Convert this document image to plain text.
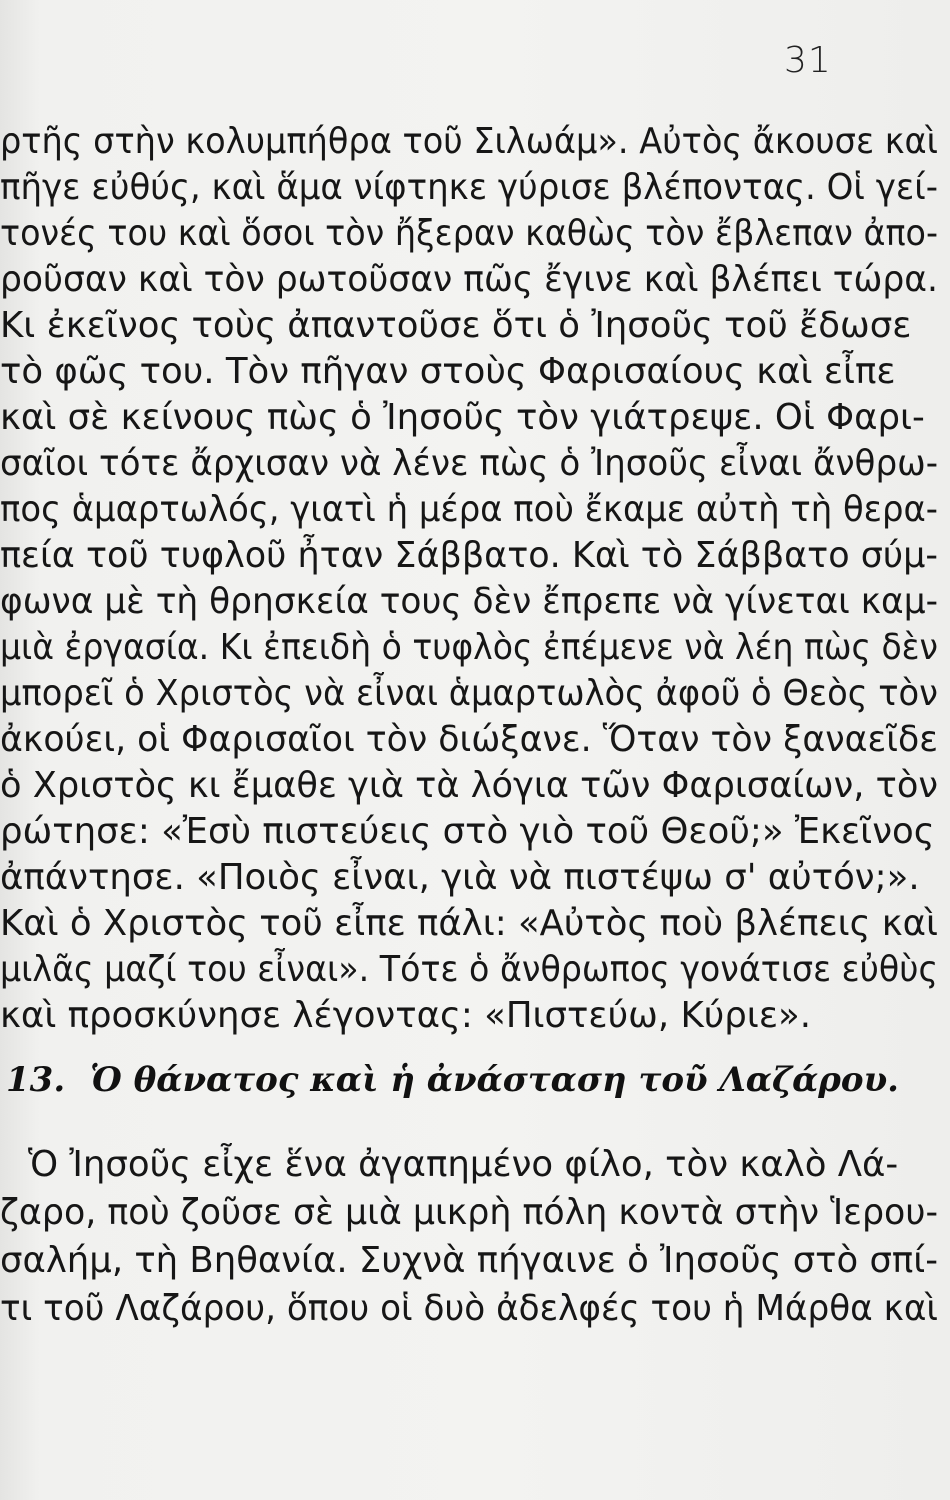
31
ρτῆς στὴν κολυμπήθρα τοῦ Σιλωάμ». Αὐτὸς ἄκουσε καὶ
πῆγε εὐθύς, καὶ ἅμα νίφτηκε γύρισε βλέποντας. Οἱ γεί-
τονές του καὶ ὅσοι τὸν ἤξεραν καθὼς τὸν ἔβλεπαν ἀπο-
ροῦσαν καὶ τὸν ρωτοῦσαν πῶς ἔγινε καὶ βλέπει τώρα.
Κι ἐκεῖνος τοὺς ἀπαντοῦσε ὅτι ὁ Ἰησοῦς τοῦ ἔδωσε
τὸ φῶς του. Τὸν πῆγαν στοὺς Φαρισαίους καὶ εἶπε
καὶ σὲ κείνους πὼς ὁ Ἰησοῦς τὸν γιάτρεψε. Οἱ Φαρι-
σαῖοι τότε ἄρχισαν νὰ λένε πὼς ὁ Ἰησοῦς εἶναι ἄνθρω-
πος ἁμαρτωλός, γιατὶ ἡ μέρα ποὺ ἔκαμε αὐτὴ τὴ θερα-
πεία τοῦ τυφλοῦ ἦταν Σάββατο. Καὶ τὸ Σάββατο σύμ-
φωνα μὲ τὴ θρησκεία τους δὲν ἔπρεπε νὰ γίνεται καμ-
μιὰ ἐργασία. Κι ἐπειδὴ ὁ τυφλὸς ἐπέμενε νὰ λέη πὼς δὲν
μπορεῖ ὁ Χριστὸς νὰ εἶναι ἁμαρτωλὸς ἀφοῦ ὁ Θεὸς τὸν
ἀκούει, οἱ Φαρισαῖοι τὸν διώξανε. Ὅταν τὸν ξαναεῖδε
ὁ Χριστὸς κι ἔμαθε γιὰ τὰ λόγια τῶν Φαρισαίων, τὸν
ρώτησε: «Ἐσὺ πιστεύεις στὸ γιὸ τοῦ Θεοῦ;» Ἐκεῖνος
ἀπάντησε. «Ποιὸς εἶναι, γιὰ νὰ πιστέψω σ' αὐτόν;».
Καὶ ὁ Χριστὸς τοῦ εἶπε πάλι: «Αὐτὸς ποὺ βλέπεις καὶ
μιλᾶς μαζί του εἶναι». Τότε ὁ ἄνθρωπος γονάτισε εὐθὺς
καὶ προσκύνησε λέγοντας: «Πιστεύω, Κύριε».
13. Ὁ θάνατος καὶ ἡ ἀνάσταση τοῦ Λαζάρου.
Ὁ Ἰησοῦς εἶχε ἕνα ἀγαπημένο φίλο, τὸν καλὸ Λά-
ζαρο, ποὺ ζοῦσε σὲ μιὰ μικρὴ πόλη κοντὰ στὴν Ἱερου-
σαλήμ, τὴ Βηθανία. Συχνὰ πήγαινε ὁ Ἰησοῦς στὸ σπί-
τι τοῦ Λαζάρου, ὅπου οἱ δυὸ ἀδελφές του ἡ Μάρθα καὶ
